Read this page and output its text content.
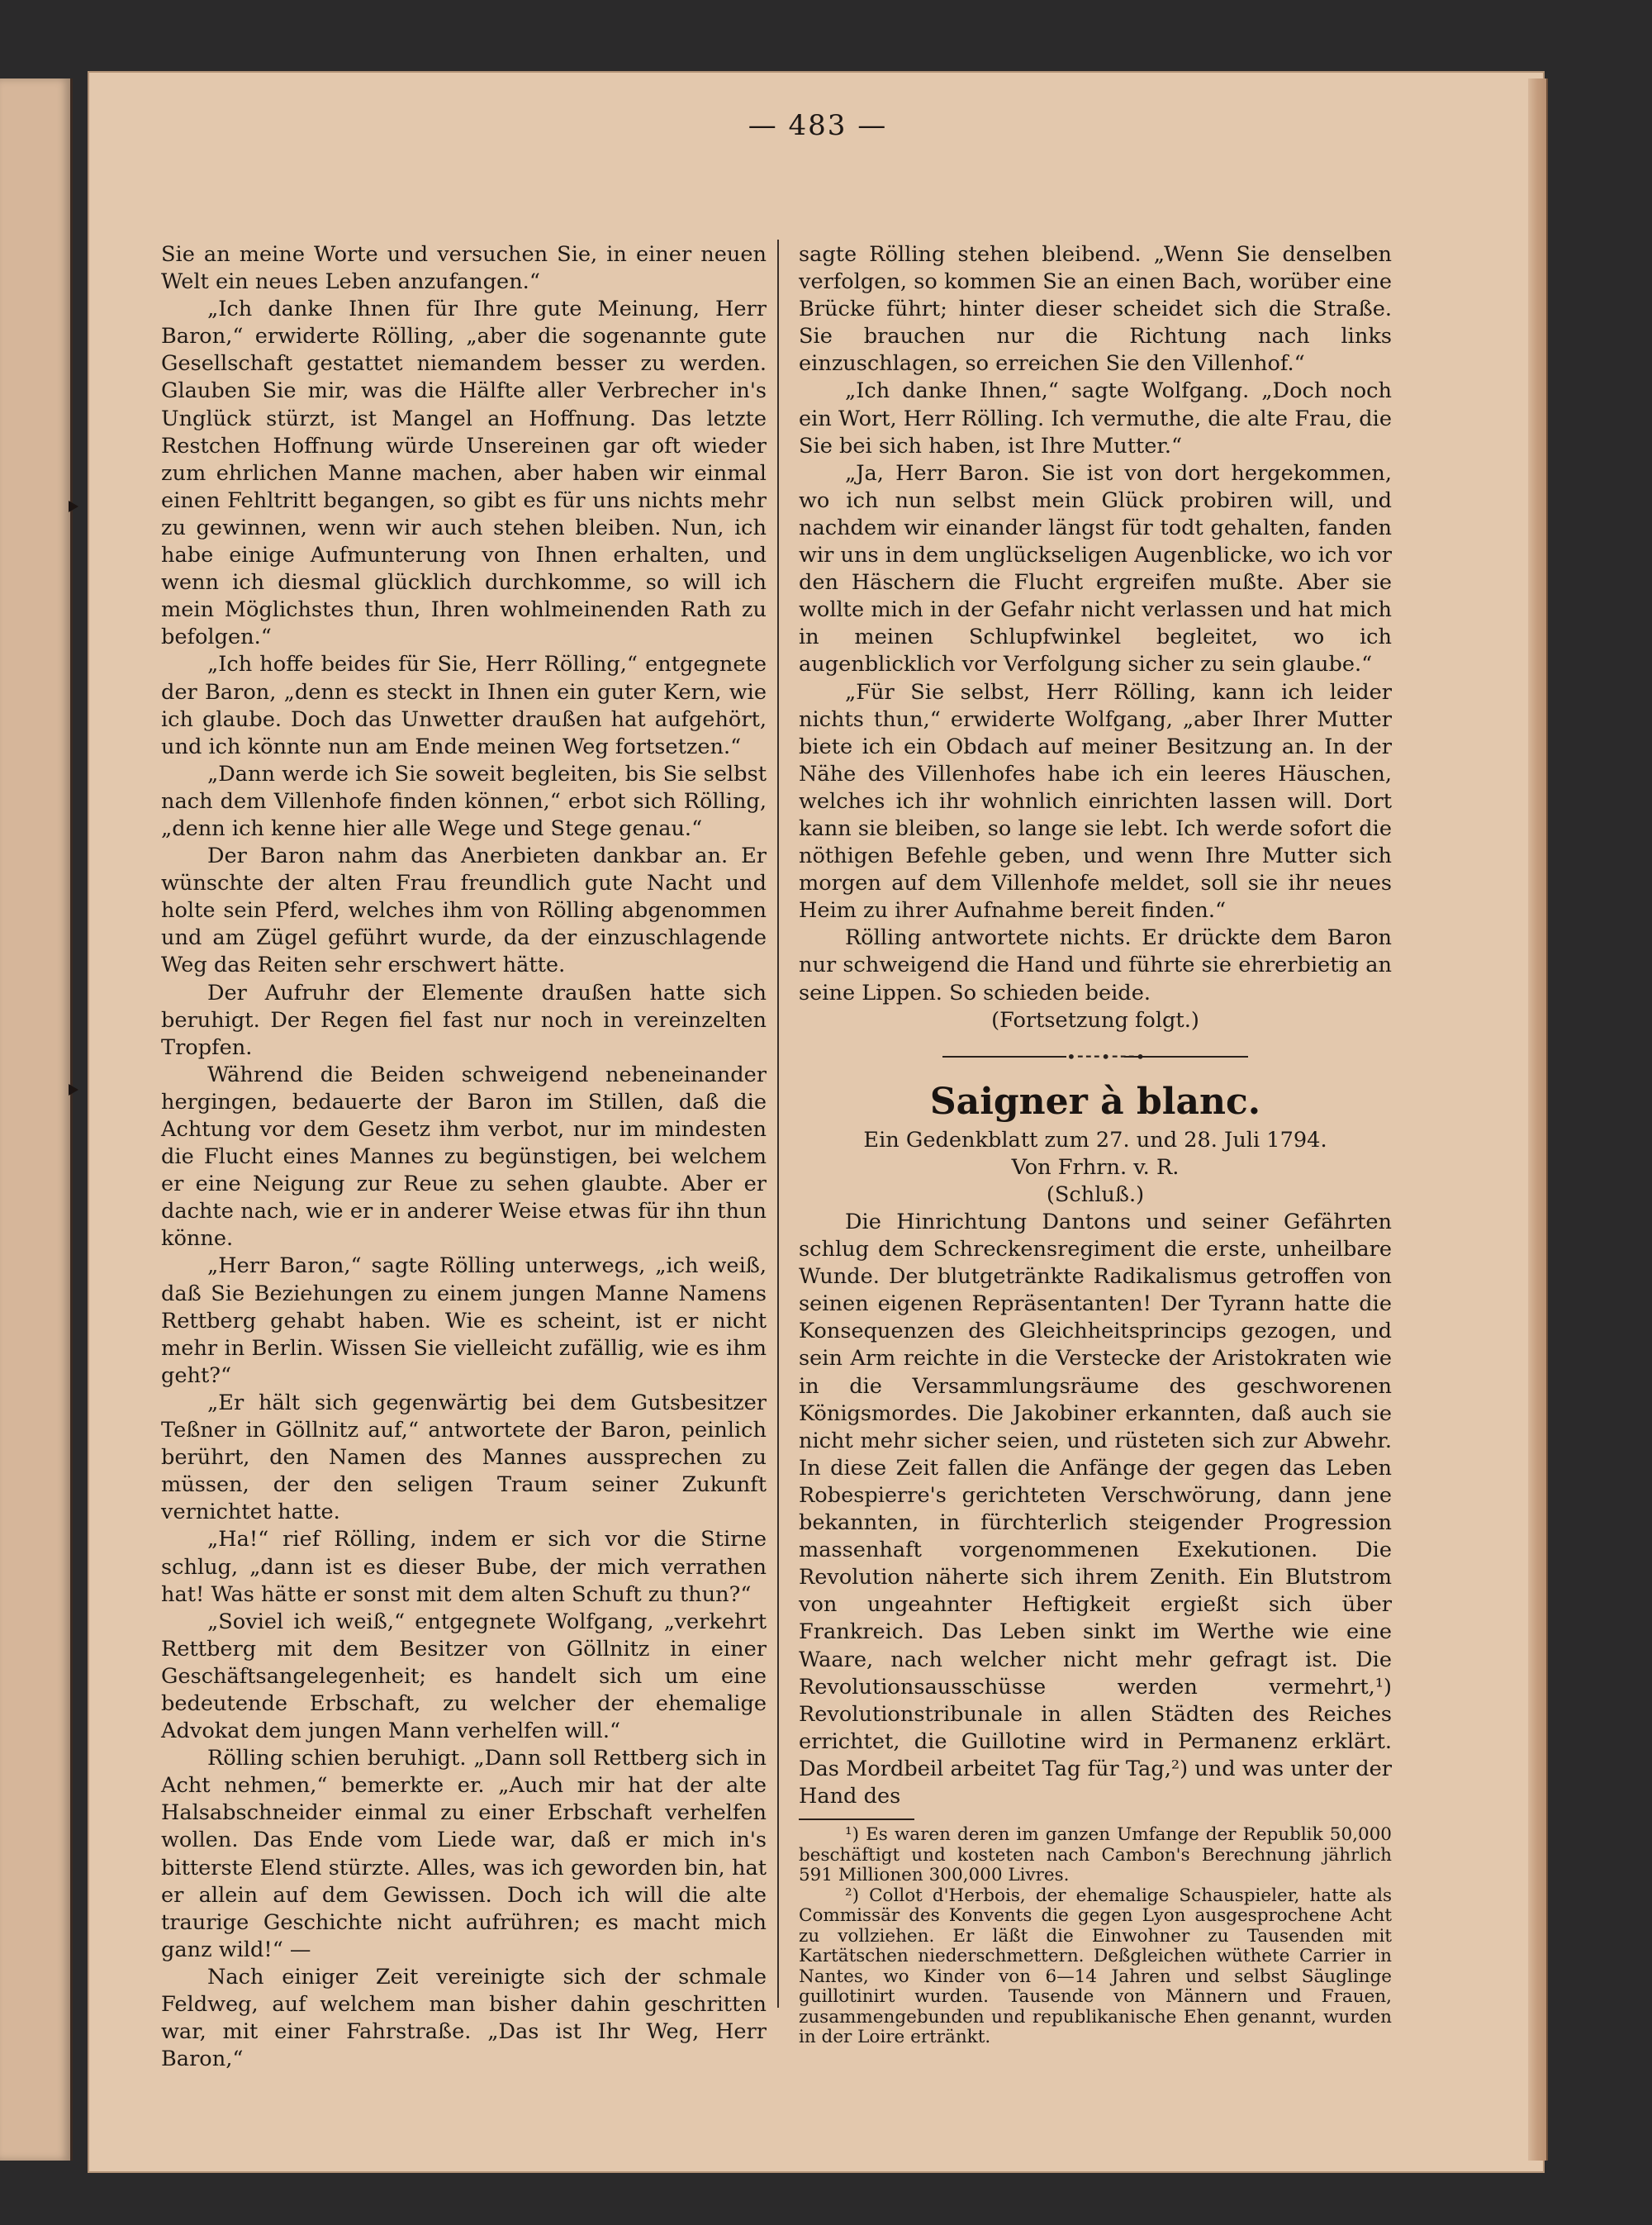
— 483 —

Sie an meine Worte und versuchen Sie, in einer neuen Welt ein neues Leben anzufangen.“

„Ich danke Ihnen für Ihre gute Meinung, Herr Baron,“ erwiderte Rölling, „aber die sogenannte gute Gesellschaft gestattet niemandem besser zu werden. Glauben Sie mir, was die Hälfte aller Verbrecher in's Unglück stürzt, ist Mangel an Hoffnung. Das letzte Restchen Hoffnung würde Unsereinen gar oft wieder zum ehrlichen Manne machen, aber haben wir einmal einen Fehltritt begangen, so gibt es für uns nichts mehr zu gewinnen, wenn wir auch stehen bleiben. Nun, ich habe einige Aufmunterung von Ihnen erhalten, und wenn ich diesmal glücklich durchkomme, so will ich mein Möglichstes thun, Ihren wohlmeinenden Rath zu befolgen.“

„Ich hoffe beides für Sie, Herr Rölling,“ entgegnete der Baron, „denn es steckt in Ihnen ein guter Kern, wie ich glaube. Doch das Unwetter draußen hat aufgehört, und ich könnte nun am Ende meinen Weg fortsetzen.“

„Dann werde ich Sie soweit begleiten, bis Sie selbst nach dem Villenhofe finden können,“ erbot sich Rölling, „denn ich kenne hier alle Wege und Stege genau.“

Der Baron nahm das Anerbieten dankbar an. Er wünschte der alten Frau freundlich gute Nacht und holte sein Pferd, welches ihm von Rölling abgenommen und am Zügel geführt wurde, da der einzuschlagende Weg das Reiten sehr erschwert hätte.

Der Aufruhr der Elemente draußen hatte sich beruhigt. Der Regen fiel fast nur noch in vereinzelten Tropfen.

Während die Beiden schweigend nebeneinander hergingen, bedauerte der Baron im Stillen, daß die Achtung vor dem Gesetz ihm verbot, nur im mindesten die Flucht eines Mannes zu begünstigen, bei welchem er eine Neigung zur Reue zu sehen glaubte. Aber er dachte nach, wie er in anderer Weise etwas für ihn thun könne.

„Herr Baron,“ sagte Rölling unterwegs, „ich weiß, daß Sie Beziehungen zu einem jungen Manne Namens Rettberg gehabt haben. Wie es scheint, ist er nicht mehr in Berlin. Wissen Sie vielleicht zufällig, wie es ihm geht?“

„Er hält sich gegenwärtig bei dem Gutsbesitzer Teßner in Göllnitz auf,“ antwortete der Baron, peinlich berührt, den Namen des Mannes aussprechen zu müssen, der den seligen Traum seiner Zukunft vernichtet hatte.

„Ha!“ rief Rölling, indem er sich vor die Stirne schlug, „dann ist es dieser Bube, der mich verrathen hat! Was hätte er sonst mit dem alten Schuft zu thun?“

„Soviel ich weiß,“ entgegnete Wolfgang, „verkehrt Rettberg mit dem Besitzer von Göllnitz in einer Geschäftsangelegenheit; es handelt sich um eine bedeutende Erbschaft, zu welcher der ehemalige Advokat dem jungen Mann verhelfen will.“

Rölling schien beruhigt. „Dann soll Rettberg sich in Acht nehmen,“ bemerkte er. „Auch mir hat der alte Halsabschneider einmal zu einer Erbschaft verhelfen wollen. Das Ende vom Liede war, daß er mich in's bitterste Elend stürzte. Alles, was ich geworden bin, hat er allein auf dem Gewissen. Doch ich will die alte traurige Geschichte nicht aufrühren; es macht mich ganz wild!“ —

Nach einiger Zeit vereinigte sich der schmale Feldweg, auf welchem man bisher dahin geschritten war, mit einer Fahrstraße. „Das ist Ihr Weg, Herr Baron,“

sagte Rölling stehen bleibend. „Wenn Sie denselben verfolgen, so kommen Sie an einen Bach, worüber eine Brücke führt; hinter dieser scheidet sich die Straße. Sie brauchen nur die Richtung nach links einzuschlagen, so erreichen Sie den Villenhof.“

„Ich danke Ihnen,“ sagte Wolfgang. „Doch noch ein Wort, Herr Rölling. Ich vermuthe, die alte Frau, die Sie bei sich haben, ist Ihre Mutter.“

„Ja, Herr Baron. Sie ist von dort hergekommen, wo ich nun selbst mein Glück probiren will, und nachdem wir einander längst für todt gehalten, fanden wir uns in dem unglückseligen Augenblicke, wo ich vor den Häschern die Flucht ergreifen mußte. Aber sie wollte mich in der Gefahr nicht verlassen und hat mich in meinen Schlupfwinkel begleitet, wo ich augenblicklich vor Verfolgung sicher zu sein glaube.“

„Für Sie selbst, Herr Rölling, kann ich leider nichts thun,“ erwiderte Wolfgang, „aber Ihrer Mutter biete ich ein Obdach auf meiner Besitzung an. In der Nähe des Villenhofes habe ich ein leeres Häuschen, welches ich ihr wohnlich einrichten lassen will. Dort kann sie bleiben, so lange sie lebt. Ich werde sofort die nöthigen Befehle geben, und wenn Ihre Mutter sich morgen auf dem Villenhofe meldet, soll sie ihr neues Heim zu ihrer Aufnahme bereit finden.“

Rölling antwortete nichts. Er drückte dem Baron nur schweigend die Hand und führte sie ehrerbietig an seine Lippen. So schieden beide.

(Fortsetzung folgt.)

•⁃⁃⁃•⁃⁃⁃•
Saigner à blanc.

Ein Gedenkblatt zum 27. und 28. Juli 1794.

Von Frhrn. v. R.

(Schluß.)

Die Hinrichtung Dantons und seiner Gefährten schlug dem Schreckensregiment die erste, unheilbare Wunde. Der blutgetränkte Radikalismus getroffen von seinen eigenen Repräsentanten! Der Tyrann hatte die Konsequenzen des Gleichheitsprincips gezogen, und sein Arm reichte in die Verstecke der Aristokraten wie in die Versammlungsräume des geschworenen Königsmordes. Die Jakobiner erkannten, daß auch sie nicht mehr sicher seien, und rüsteten sich zur Abwehr. In diese Zeit fallen die Anfänge der gegen das Leben Robespierre's gerichteten Verschwörung, dann jene bekannten, in fürchterlich steigender Progression massenhaft vorgenommenen Exekutionen. Die Revolution näherte sich ihrem Zenith. Ein Blutstrom von ungeahnter Heftigkeit ergießt sich über Frankreich. Das Leben sinkt im Werthe wie eine Waare, nach welcher nicht mehr gefragt ist. Die Revolutionsausschüsse werden vermehrt,¹) Revolutionstribunale in allen Städten des Reiches errichtet, die Guillotine wird in Permanenz erklärt. Das Mordbeil arbeitet Tag für Tag,²) und was unter der Hand des

¹) Es waren deren im ganzen Umfange der Republik 50,000 beschäftigt und kosteten nach Cambon's Berechnung jährlich 591 Millionen 300,000 Livres.

²) Collot d'Herbois, der ehemalige Schauspieler, hatte als Commissär des Konvents die gegen Lyon ausgesprochene Acht zu vollziehen. Er läßt die Einwohner zu Tausenden mit Kartätschen niederschmettern. Deßgleichen wüthete Carrier in Nantes, wo Kinder von 6—14 Jahren und selbst Säuglinge guillotinirt wurden. Tausende von Männern und Frauen, zusammengebunden und republikanische Ehen genannt, wurden in der Loire ertränkt.
